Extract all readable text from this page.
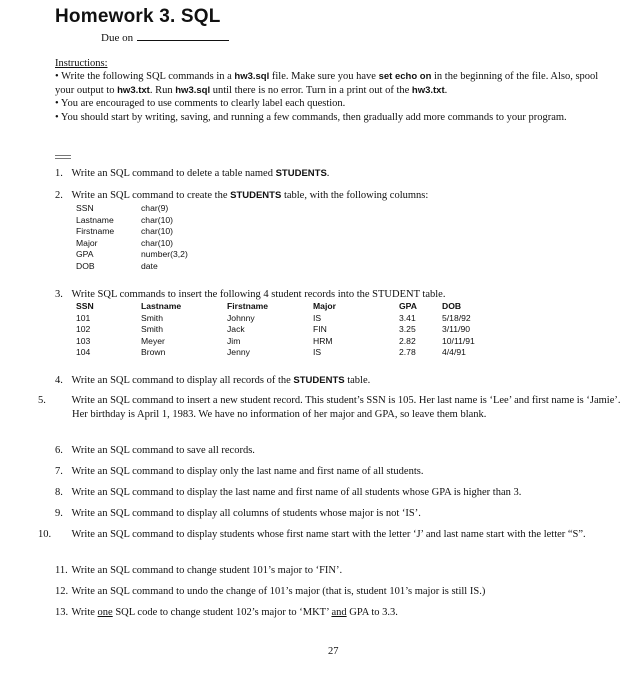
Homework 3. SQL
Due on
Instructions:

• Write the following SQL commands in a hw3.sql file. Make sure you have set echo on in the beginning of the file. Also, spool your output to hw3.txt. Run hw3.sql until there is no error. Turn in a print out of the hw3.txt.

• You are encouraged to use comments to clearly label each question.

• You should start by writing, saving, and running a few commands, then gradually add more commands to your program.

1. Write an SQL command to delete a table named STUDENTS.

2. Write an SQL command to create the STUDENTS table, with the following columns:

SSN
Lastname
Firstname
Major
GPA
DOB
char(9)
char(10)
char(10)
char(10)
number(3,2)
date

3. Write SQL commands to insert the following 4 student records into the STUDENT table.

SSN
101
102
103
104
Lastname
Smith
Smith
Meyer
Brown
Firstname
Johnny
Jack
Jim
Jenny
Major
IS
FIN
HRM
IS
GPA
3.41
3.25
2.82
2.78
DOB
5/18/92
3/11/90
10/11/91
4/4/91

4. Write an SQL command to display all records of the STUDENTS table.

5. Write an SQL command to insert a new student record. This student’s SSN is 105. Her last name is ‘Lee’ and first name is ‘Jamie’. Her birthday is April 1, 1983. We have no information of her major and GPA, so leave them blank.

6. Write an SQL command to save all records.

7. Write an SQL command to display only the last name and first name of all students.

8. Write an SQL command to display the last name and first name of all students whose GPA is higher than 3.

9. Write an SQL command to display all columns of students whose major is not ‘IS’.

10. Write an SQL command to display students whose first name start with the letter ‘J’ and last name start with the letter “S”.

11. Write an SQL command to change student 101’s major to ‘FIN’.

12. Write an SQL command to undo the change of 101’s major (that is, student 101’s major is still IS.)

13. Write one SQL code to change student 102’s major to ‘MKT’ and GPA to 3.3.

27
